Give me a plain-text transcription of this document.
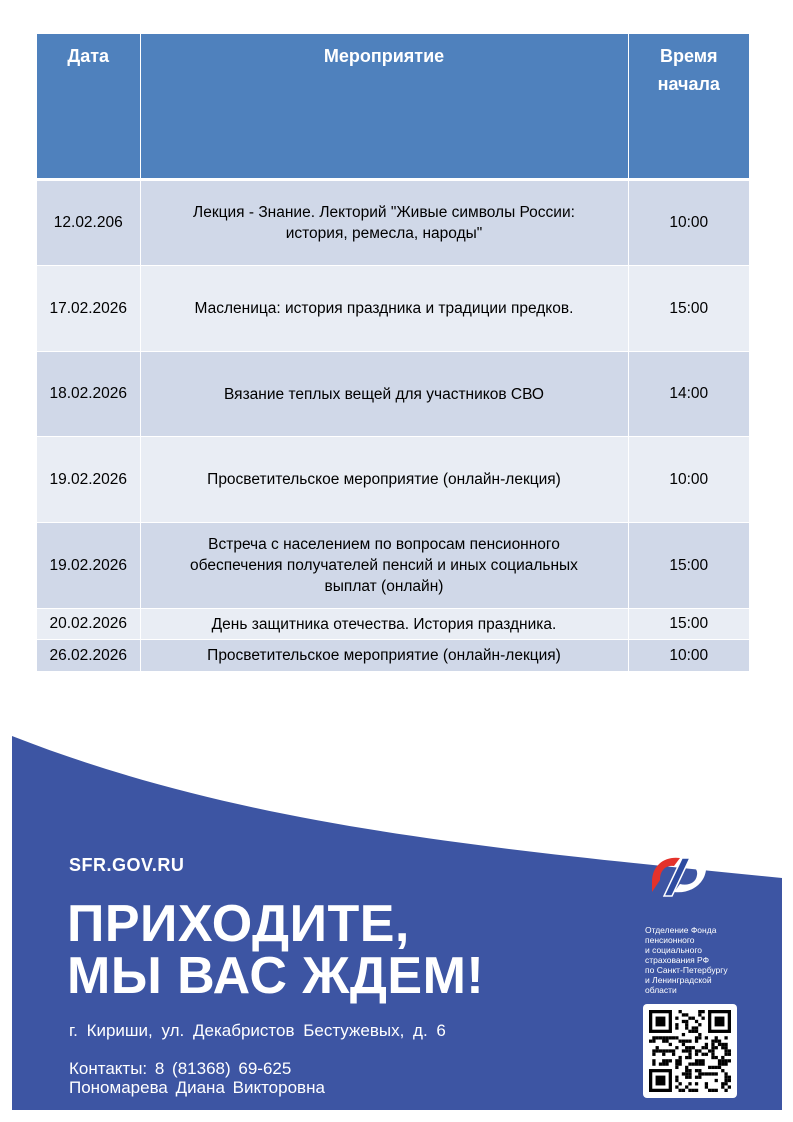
Дата	Мероприятие	Время
начала
12.02.206	Лекция - Знание. Лекторий "Живые символы России:
история, ремесла, народы"	10:00
17.02.2026	Масленица: история праздника и традиции предков.	15:00
18.02.2026	Вязание теплых вещей для участников СВО	14:00
19.02.2026	Просветительское мероприятие (онлайн-лекция)	10:00
19.02.2026	Встреча с населением по вопросам пенсионного
обеспечения получателей пенсий и иных социальных
выплат (онлайн)	15:00
20.02.2026	День защитника отечества. История праздника.	15:00
26.02.2026	Просветительское мероприятие (онлайн-лекция)	10:00
SFR.GOV.RU
ПРИХОДИТЕ,
МЫ ВАС ЖДЕМ!
г. Кириши, ул. Декабристов Бестужевых, д. 6
Контакты: 8 (81368) 69-625
Пономарева Диана Викторовна
Отделение Фонда
пенсионного
и социального
страхования РФ
по Санкт-Петербургу
и Ленинградской
области
